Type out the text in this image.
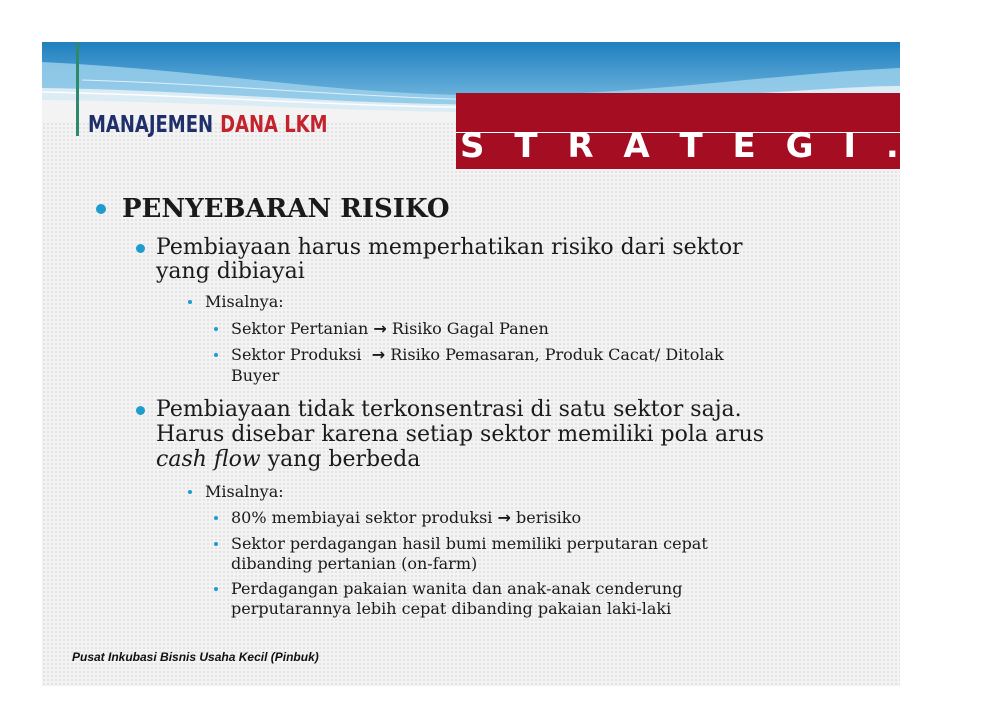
MANAJEMEN DANA LKM
S T R A T E G I . . .
PENYEBARAN RISIKO
Pembiayaan harus memperhatikan risiko dari sektor
yang dibiayai
Misalnya:
Sektor Pertanian → Risiko Gagal Panen
Sektor Produksi  → Risiko Pemasaran, Produk Cacat/ Ditolak
Buyer
Pembiayaan tidak terkonsentrasi di satu sektor saja.
Harus disebar karena setiap sektor memiliki pola arus
cash flow yang berbeda
Misalnya:
80% membiayai sektor produksi → berisiko
Sektor perdagangan hasil bumi memiliki perputaran cepat
dibanding pertanian (on-farm)
Perdagangan pakaian wanita dan anak-anak cenderung
perputarannya lebih cepat dibanding pakaian laki-laki
Pusat Inkubasi Bisnis Usaha Kecil (Pinbuk)
